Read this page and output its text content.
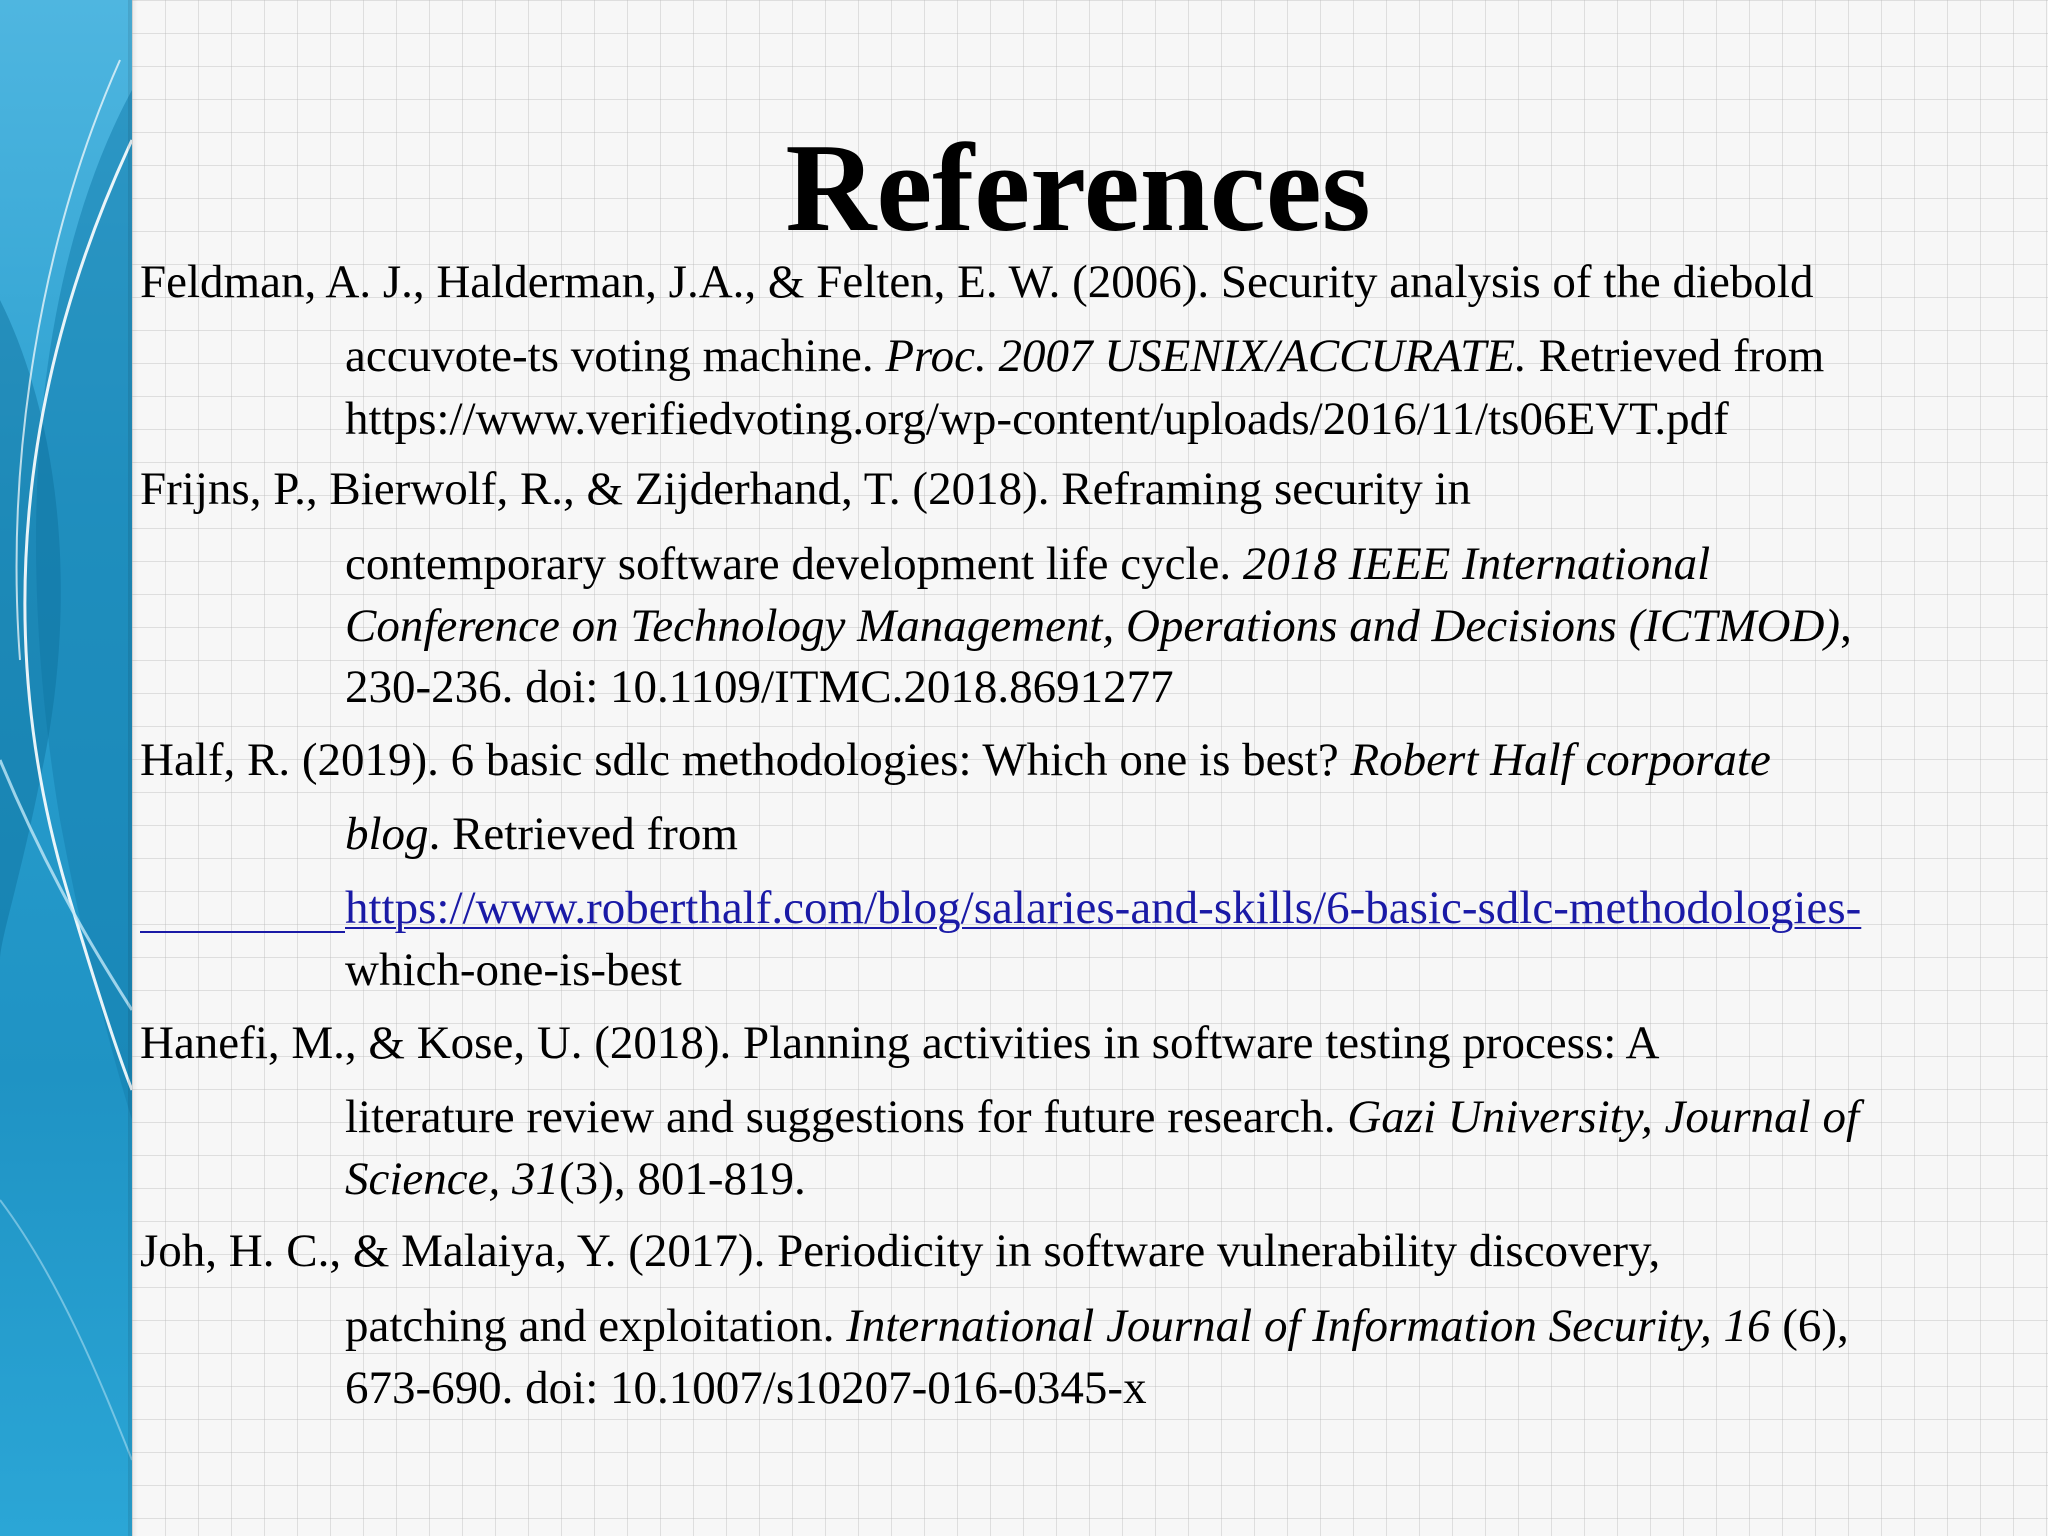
References
Feldman, A. J., Halderman, J.A., & Felten, E. W. (2006). Security analysis of the diebold
accuvote-ts voting machine. Proc. 2007 USENIX/ACCURATE. Retrieved from
https://www.verifiedvoting.org/wp-content/uploads/2016/11/ts06EVT.pdf
Frijns, P., Bierwolf, R., & Zijderhand, T. (2018). Reframing security in
contemporary software development life cycle. 2018 IEEE International
Conference on Technology Management, Operations and Decisions (ICTMOD),
230-236. doi: 10.1109/ITMC.2018.8691277
Half, R. (2019). 6 basic sdlc methodologies: Which one is best? Robert Half corporate
blog. Retrieved from
https://www.roberthalf.com/blog/salaries-and-skills/6-basic-sdlc-methodologies-
which-one-is-best
Hanefi, M., & Kose, U. (2018). Planning activities in software testing process: A
literature review and suggestions for future research. Gazi University, Journal of
Science, 31(3), 801-819.
Joh, H. C., & Malaiya, Y. (2017). Periodicity in software vulnerability discovery,
patching and exploitation. International Journal of Information Security, 16 (6),
673-690. doi: 10.1007/s10207-016-0345-x
